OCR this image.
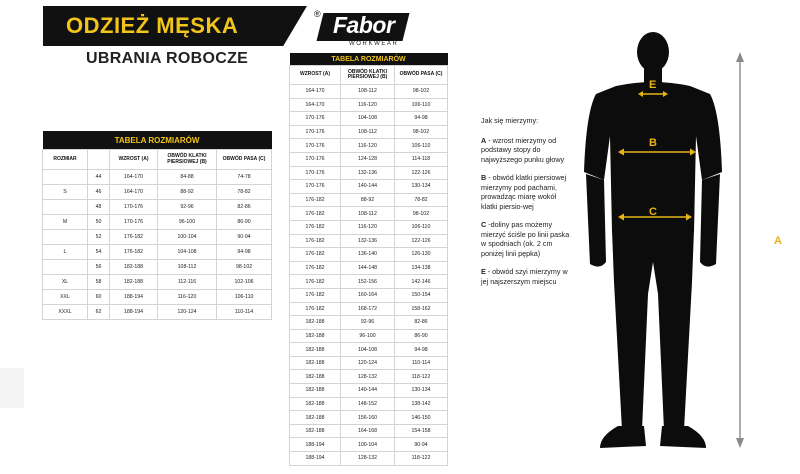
ODZIEŻ MĘSKA
UBRANIA ROBOCZE
® Fabor
WORKWEAR
TABELA ROZMIARÓW				
ROZMIAR		WZROST (A)	OBWÓD KLATKI PIERSIOWEJ (B)	OBWÓD PASA (C)
	44	164-170	84-88	74-78
S	46	164-170	88-92	78-82
	48	170-176	92-96	82-86
M	50	170-176	96-100	86-90
	52	176-182	100-104	90-94
L	54	176-182	104-108	94-98
	56	182-188	108-112	98-102
XL	58	182-188	112-116	102-106
XXL	60	188-194	116-120	106-110
XXXL	62	188-194	120-124	110-114
TABELA ROZMIARÓW		
WZROST (A)	OBWÓD KLATKI PIERSIOWEJ (B)	OBWÓD PASA (C)
164-170	108-112	98-102
164-170	116-120	106-110
170-176	104-108	94-98
170-176	108-112	98-102
170-176	116-120	106-110
170-176	124-128	114-118
170-176	132-136	122-126
170-176	140-144	130-134
176-182	88-92	78-82
176-182	108-112	98-102
176-182	116-120	106-110
176-182	132-136	122-126
176-182	136-140	126-130
176-182	144-148	134-138
176-182	152-156	142-146
176-182	160-164	150-154
176-182	168-172	158-162
182-188	92-96	82-86
182-188	96-100	86-90
182-188	104-108	94-98
182-188	120-124	110-114
182-188	128-132	118-122
182-188	140-144	130-134
182-188	148-152	138-142
182-188	156-160	146-150
182-188	164-168	154-158
188-194	100-104	90-94
188-194	128-132	118-122
Jak się mierzymy:

A - wzrost mierzymy od podstawy stopy do najwyższego punku głowy

B - obwód klatki piersiowej mierzymy pod pachami, prowadząc miarę wokół klatki piersio-wej

C -doliny pas możemy mierzyć ściśle po linii paska w spodniach (ok. 2 cm poniżej linii pępka)

E - obwód szyi mierzymy w jej najszerszym miejscu

E
B
C
A
